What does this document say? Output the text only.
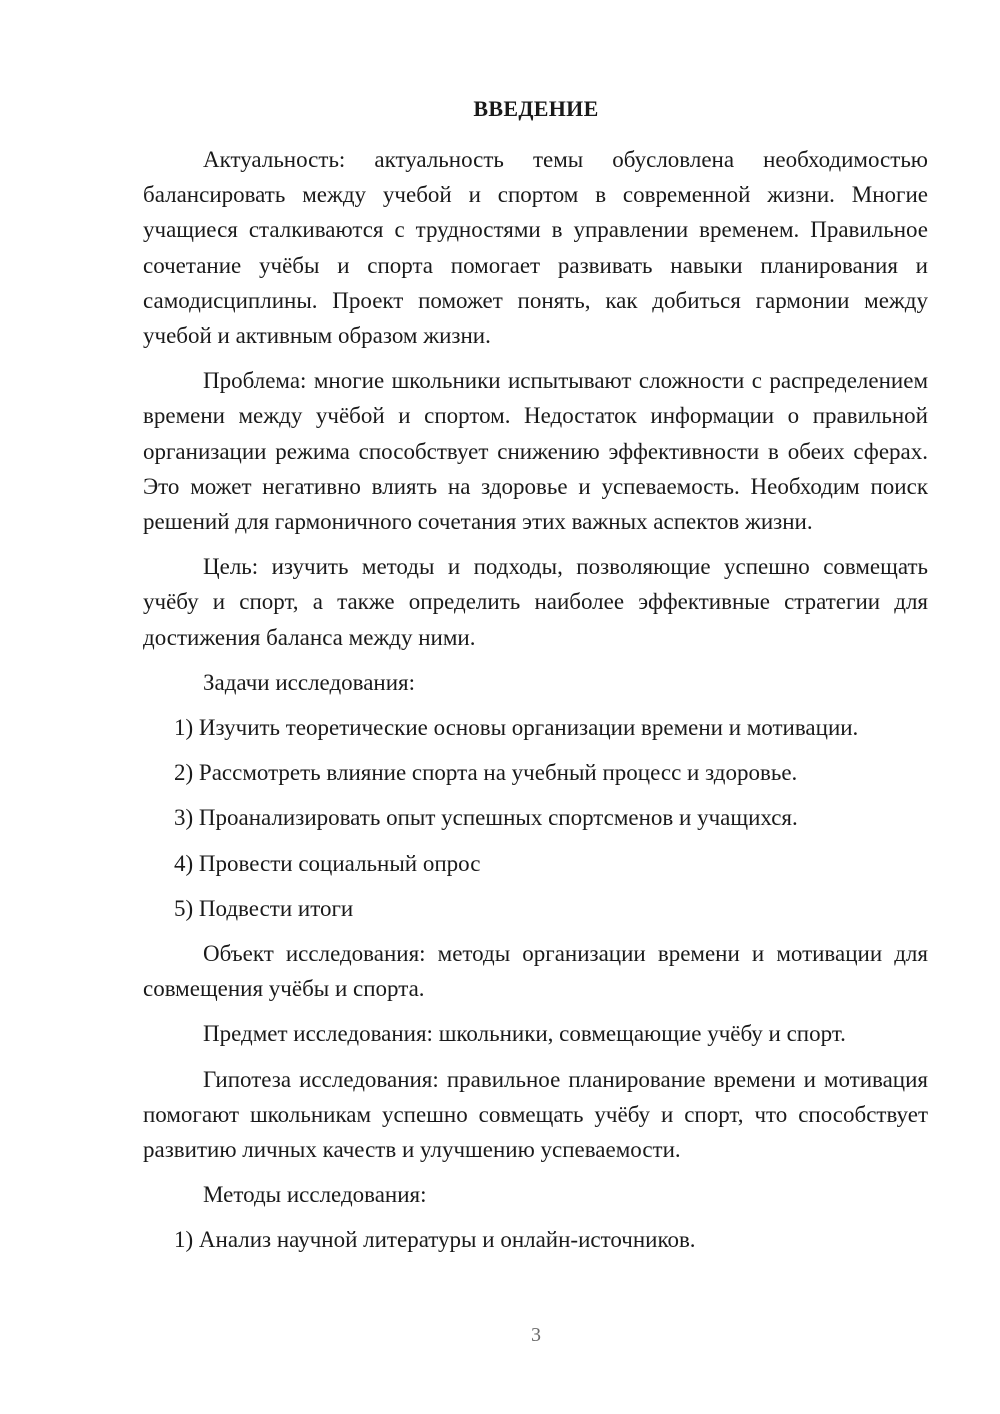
ВВЕДЕНИЕ

Актуальность: актуальность темы обусловлена необходимостью балансировать между учебой и спортом в современной жизни. Многие учащиеся сталкиваются с трудностями в управлении временем. Правильное сочетание учёбы и спорта помогает развивать навыки планирования и самодисциплины. Проект поможет понять, как добиться гармонии между учебой и активным образом жизни.

Проблема: многие школьники испытывают сложности с распределением времени между учёбой и спортом. Недостаток информации о правильной организации режима способствует снижению эффективности в обеих сферах. Это может негативно влиять на здоровье и успеваемость. Необходим поиск решений для гармоничного сочетания этих важных аспектов жизни.

Цель: изучить методы и подходы, позволяющие успешно совмещать учёбу и спорт, а также определить наиболее эффективные стратегии для достижения баланса между ними.

Задачи исследования:

1) Изучить теоретические основы организации времени и мотивации.

2) Рассмотреть влияние спорта на учебный процесс и здоровье.

3) Проанализировать опыт успешных спортсменов и учащихся.

4) Провести социальный опрос

5) Подвести итоги

Объект исследования: методы организации времени и мотивации для совмещения учёбы и спорта.

Предмет исследования: школьники, совмещающие учёбу и спорт.

Гипотеза исследования: правильное планирование времени и мотивация помогают школьникам успешно совмещать учёбу и спорт, что способствует развитию личных качеств и улучшению успеваемости.

Методы исследования:

1) Анализ научной литературы и онлайн-источников.

3
